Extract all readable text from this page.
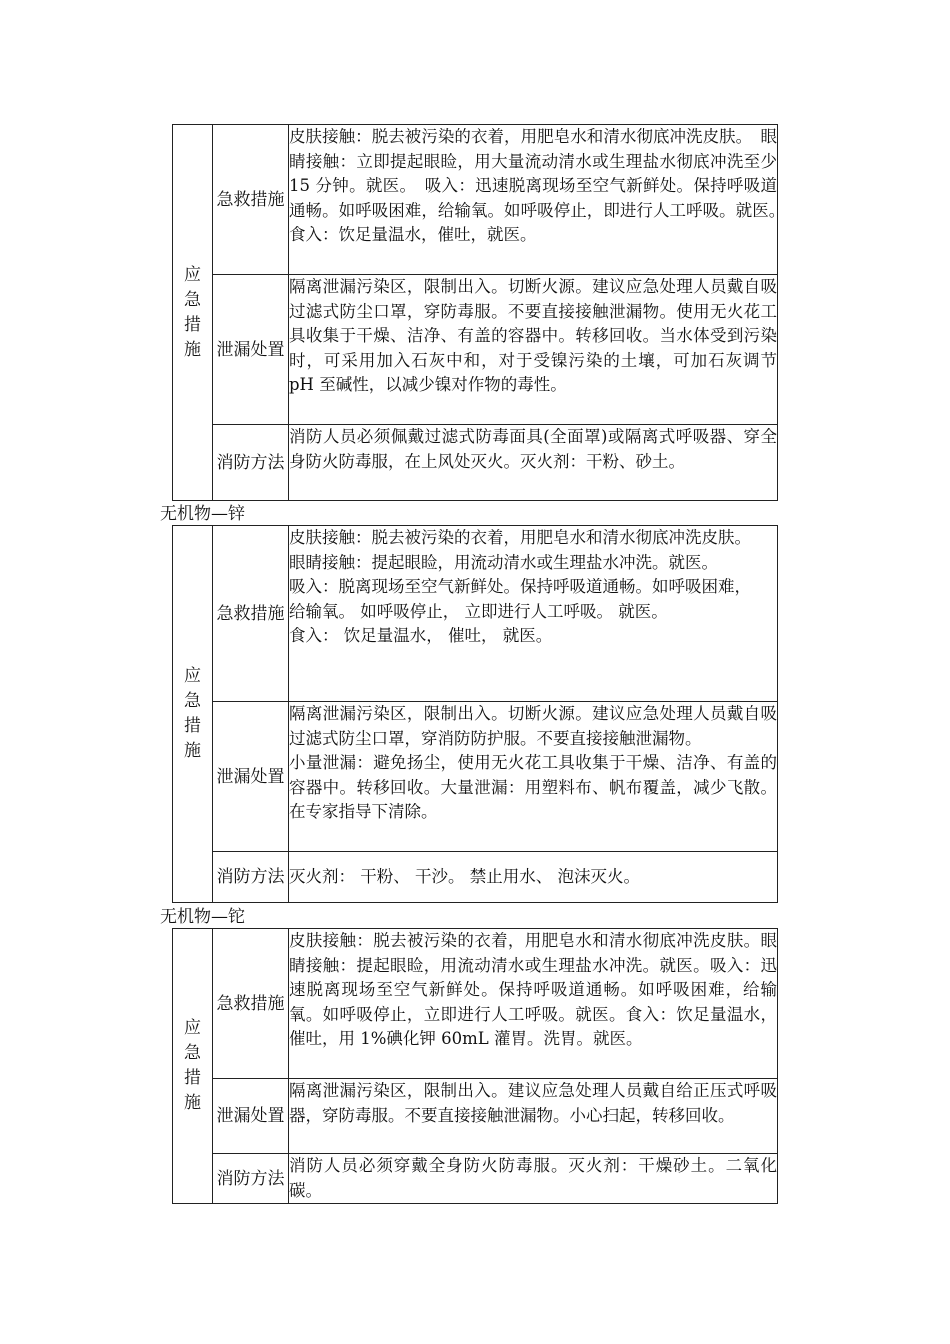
应急措施	急救措施	皮肤接触：脱去被污染的衣着，用肥皂水和清水彻底冲洗皮肤。　眼睛接触：立即提起眼睑，用大量流动清水或生理盐水彻底冲洗至少 15 分钟。就医。　吸入：迅速脱离现场至空气新鲜处。保持呼吸道通畅。如呼吸困难，给输氧。如呼吸停止，即进行人工呼吸。就医。　食入：饮足量温水，催吐，就医。

	泄漏处置	隔离泄漏污染区，限制出入。切断火源。建议应急处理人员戴自吸过滤式防尘口罩，穿防毒服。不要直接接触泄漏物。使用无火花工具收集于干燥、洁净、有盖的容器中。转移回收。当水体受到污染时，可采用加入石灰中和，对于受镍污染的土壤，可加石灰调节 pH 至碱性，以减少镍对作物的毒性。

	消防方法	消防人员必须佩戴过滤式防毒面具(全面罩)或隔离式呼吸器、穿全身防火防毒服，在上风处灭火。灭火剂：干粉、砂土。

无机物—锌
应急措施	急救措施	皮肤接触：脱去被污染的衣着，用肥皂水和清水彻底冲洗皮肤。

眼睛接触：提起眼睑，用流动清水或生理盐水冲洗。就医。

吸入：脱离现场至空气新鲜处。保持呼吸道通畅。如呼吸困难，

给输氧。 如呼吸停止， 立即进行人工呼吸。 就医。

食入： 饮足量温水， 催吐， 就医。

	泄漏处置	隔离泄漏污染区，限制出入。切断火源。建议应急处理人员戴自吸过滤式防尘口罩，穿消防防护服。不要直接接触泄漏物。

小量泄漏：避免扬尘，使用无火花工具收集于干燥、洁净、有盖的容器中。转移回收。大量泄漏：用塑料布、帆布覆盖，减少飞散。在专家指导下清除。

	消防方法	灭火剂： 干粉、 干沙。 禁止用水、 泡沫灭火。

无机物—铊
应急措施	急救措施	皮肤接触：脱去被污染的衣着，用肥皂水和清水彻底冲洗皮肤。眼睛接触：提起眼睑，用流动清水或生理盐水冲洗。就医。吸入：迅速脱离现场至空气新鲜处。保持呼吸道通畅。如呼吸困难，给输氧。如呼吸停止，立即进行人工呼吸。就医。食入：饮足量温水，催吐，用 1%碘化钾 60mL 灌胃。洗胃。就医。

	泄漏处置	隔离泄漏污染区，限制出入。建议应急处理人员戴自给正压式呼吸器，穿防毒服。不要直接接触泄漏物。小心扫起，转移回收。

	消防方法	消防人员必须穿戴全身防火防毒服。灭火剂：干燥砂土。二氧化碳。
